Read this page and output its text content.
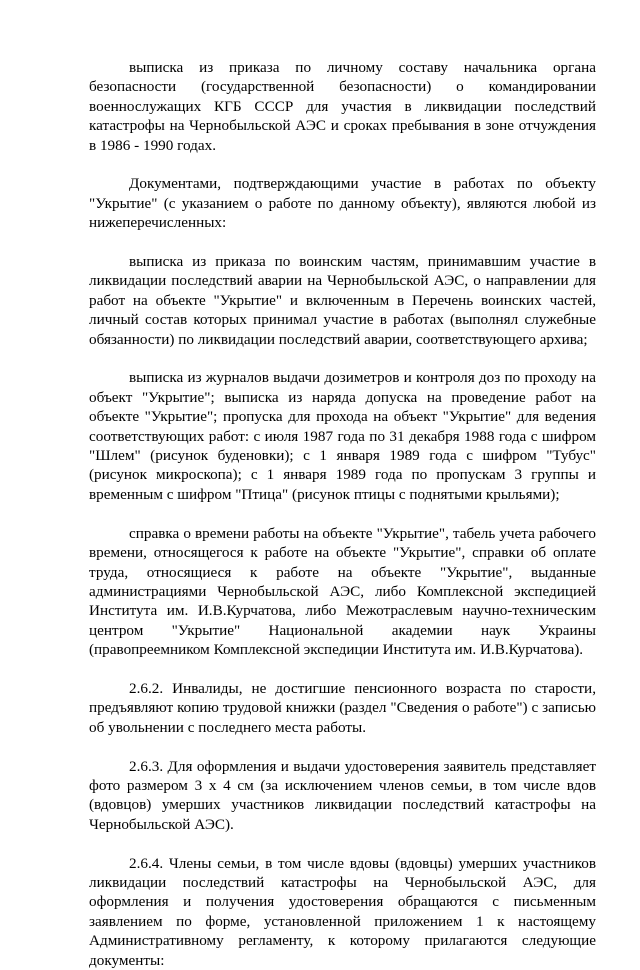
выписка из приказа по личному составу начальника органа безопасности (государственной безопасности) о командировании военнослужащих КГБ СССР для участия в ликвидации последствий катастрофы на Чернобыльской АЭС и сроках пребывания в зоне отчуждения в 1986 - 1990 годах.

Документами, подтверждающими участие в работах по объекту "Укрытие" (с указанием о работе по данному объекту), являются любой из нижеперечисленных:

выписка из приказа по воинским частям, принимавшим участие в ликвидации последствий аварии на Чернобыльской АЭС, о направлении для работ на объекте "Укрытие" и включенным в Перечень воинских частей, личный состав которых принимал участие в работах (выполнял служебные обязанности) по ликвидации последствий аварии, соответствующего архива;

выписка из журналов выдачи дозиметров и контроля доз по проходу на объект "Укрытие"; выписка из наряда допуска на проведение работ на объекте "Укрытие"; пропуска для прохода на объект "Укрытие" для ведения соответствующих работ: с июля 1987 года по 31 декабря 1988 года с шифром "Шлем" (рисунок буденовки); с 1 января 1989 года с шифром "Тубус" (рисунок микроскопа); с 1 января 1989 года по пропускам 3 группы и временным с шифром "Птица" (рисунок птицы с поднятыми крыльями);

справка о времени работы на объекте "Укрытие", табель учета рабочего времени, относящегося к работе на объекте "Укрытие", справки об оплате труда, относящиеся к работе на объекте "Укрытие", выданные администрациями Чернобыльской АЭС, либо Комплексной экспедицией Института им. И.В.Курчатова, либо Межотраслевым научно-техническим центром "Укрытие" Национальной академии наук Украины (правопреемником Комплексной экспедиции Института им. И.В.Курчатова).

2.6.2. Инвалиды, не достигшие пенсионного возраста по старости, предъявляют копию трудовой книжки (раздел "Сведения о работе") с записью об увольнении с последнего места работы.

2.6.3. Для оформления и выдачи удостоверения заявитель представляет фото размером 3 x 4 см (за исключением членов семьи, в том числе вдов (вдовцов) умерших участников ликвидации последствий катастрофы на Чернобыльской АЭС).

2.6.4. Члены семьи, в том числе вдовы (вдовцы) умерших участников ликвидации последствий катастрофы на Чернобыльской АЭС, для оформления и получения удостоверения обращаются с письменным заявлением по форме, установленной приложением 1 к настоящему Административному регламенту, к которому прилагаются следующие документы:
